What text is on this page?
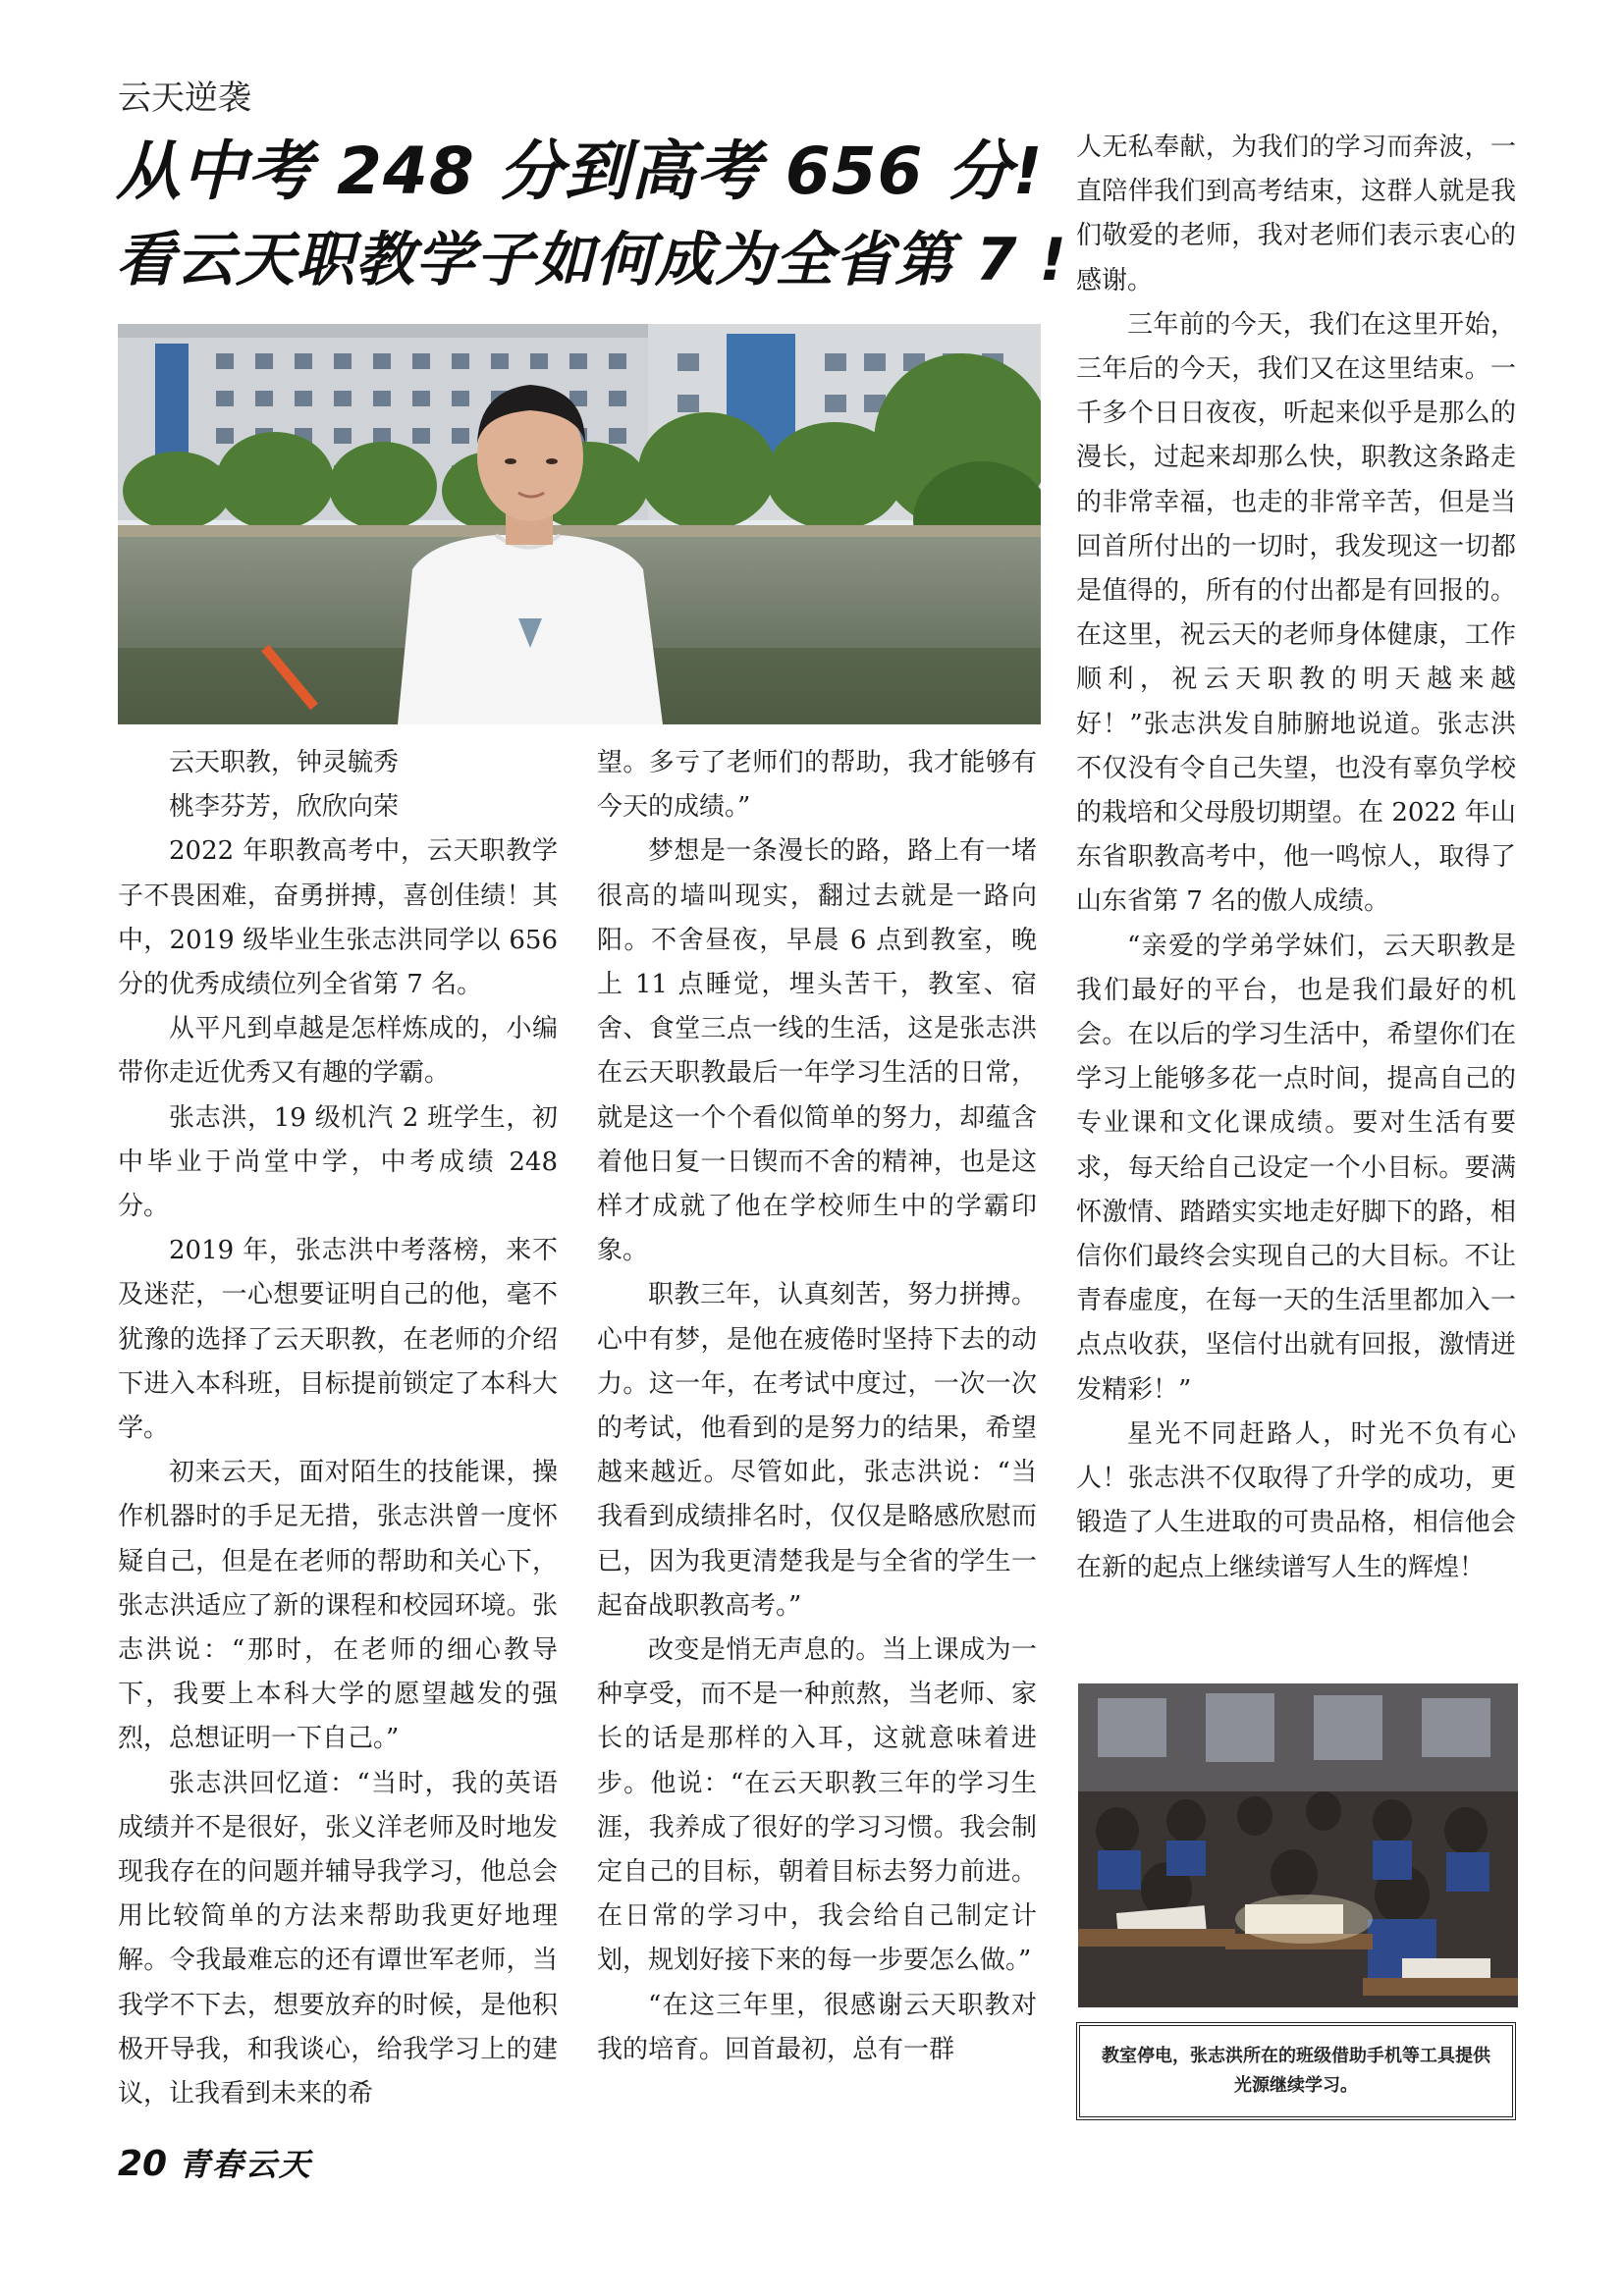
云天逆袭
从中考 248 分到高考 656 分!
看云天职教学子如何成为全省第 7 !

云天职教，钟灵毓秀

桃李芬芳，欣欣向荣

2022 年职教高考中，云天职教学子不畏困难，奋勇拼搏，喜创佳绩！其中，2019 级毕业生张志洪同学以 656 分的优秀成绩位列全省第 7 名。

从平凡到卓越是怎样炼成的，小编带你走近优秀又有趣的学霸。

张志洪，19 级机汽 2 班学生，初中毕业于尚堂中学，中考成绩 248 分。

2019 年，张志洪中考落榜，来不及迷茫，一心想要证明自己的他，毫不犹豫的选择了云天职教，在老师的介绍下进入本科班，目标提前锁定了本科大学。

初来云天，面对陌生的技能课，操作机器时的手足无措，张志洪曾一度怀疑自己，但是在老师的帮助和关心下，张志洪适应了新的课程和校园环境。张志洪说：“那时，在老师的细心教导下，我要上本科大学的愿望越发的强烈，总想证明一下自己。”

张志洪回忆道：“当时，我的英语成绩并不是很好，张义洋老师及时地发现我存在的问题并辅导我学习，他总会用比较简单的方法来帮助我更好地理解。令我最难忘的还有谭世军老师，当我学不下去，想要放弃的时候，是他积极开导我，和我谈心，给我学习上的建议，让我看到未来的希

望。多亏了老师们的帮助，我才能够有今天的成绩。”

梦想是一条漫长的路，路上有一堵很高的墙叫现实，翻过去就是一路向阳。不舍昼夜，早晨 6 点到教室，晚上 11 点睡觉，埋头苦干，教室、宿舍、食堂三点一线的生活，这是张志洪在云天职教最后一年学习生活的日常，就是这一个个看似简单的努力，却蕴含着他日复一日锲而不舍的精神，也是这样才成就了他在学校师生中的学霸印象。

职教三年，认真刻苦，努力拼搏。心中有梦，是他在疲倦时坚持下去的动力。这一年，在考试中度过，一次一次的考试，他看到的是努力的结果，希望越来越近。尽管如此，张志洪说：“当我看到成绩排名时，仅仅是略感欣慰而已，因为我更清楚我是与全省的学生一起奋战职教高考。”

改变是悄无声息的。当上课成为一种享受，而不是一种煎熬，当老师、家长的话是那样的入耳，这就意味着进步。他说：“在云天职教三年的学习生涯，我养成了很好的学习习惯。我会制定自己的目标，朝着目标去努力前进。在日常的学习中，我会给自己制定计划，规划好接下来的每一步要怎么做。”

“在这三年里，很感谢云天职教对我的培育。回首最初，总有一群

人无私奉献，为我们的学习而奔波，一直陪伴我们到高考结束，这群人就是我们敬爱的老师，我对老师们表示衷心的感谢。

三年前的今天，我们在这里开始，三年后的今天，我们又在这里结束。一千多个日日夜夜，听起来似乎是那么的漫长，过起来却那么快，职教这条路走的非常幸福，也走的非常辛苦，但是当回首所付出的一切时，我发现这一切都是值得的，所有的付出都是有回报的。在这里，祝云天的老师身体健康，工作顺利，祝云天职教的明天越来越好！”张志洪发自肺腑地说道。张志洪不仅没有令自己失望，也没有辜负学校的栽培和父母殷切期望。在 2022 年山东省职教高考中，他一鸣惊人，取得了山东省第 7 名的傲人成绩。

“亲爱的学弟学妹们，云天职教是我们最好的平台，也是我们最好的机会。在以后的学习生活中，希望你们在学习上能够多花一点时间，提高自己的专业课和文化课成绩。要对生活有要求，每天给自己设定一个小目标。要满怀激情、踏踏实实地走好脚下的路，相信你们最终会实现自己的大目标。不让青春虚度，在每一天的生活里都加入一点点收获，坚信付出就有回报，激情迸发精彩！”

星光不同赶路人，时光不负有心人！张志洪不仅取得了升学的成功，更锻造了人生进取的可贵品格，相信他会在新的起点上继续谱写人生的辉煌！

教室停电，张志洪所在的班级借助手机等工具提供光源继续学习。
20 青春云天
